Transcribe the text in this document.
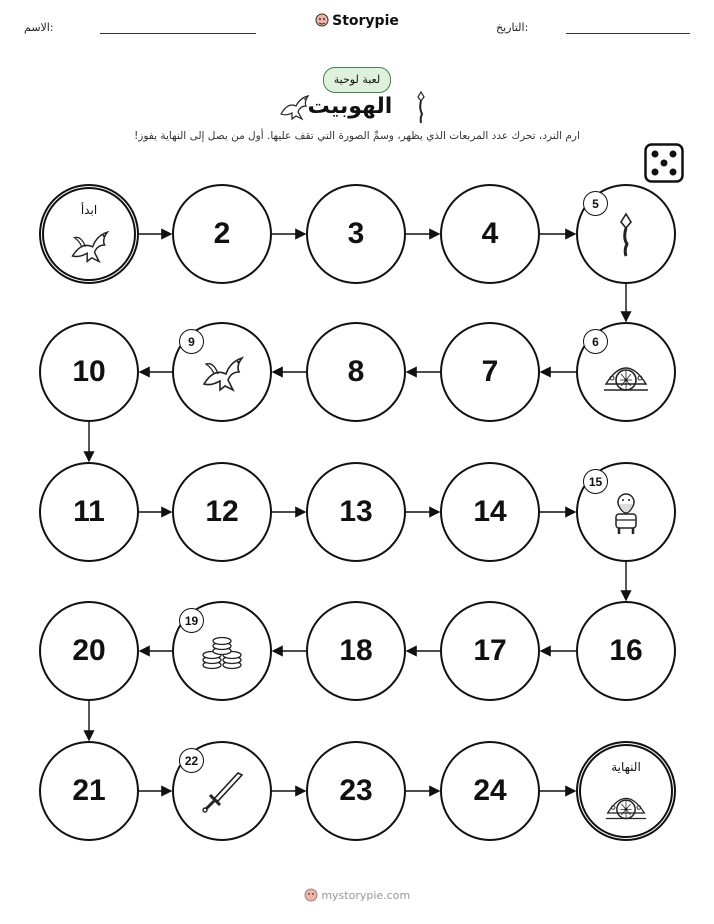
الاسم:	Storypie	التاريخ:
لعبة لوحية
الهوبيت
ارم النرد، تحرك عدد المربعات الذي يظهر، وسمِّ الصورة التي تقف عليها. أول من يصل إلى النهاية يفوز!
ابدأ
2	3	4
5
6
7
8
9
10
11	12	13	14
15
16
17
18
19
20
21
22
23	24
النهاية
mystorypie.com
